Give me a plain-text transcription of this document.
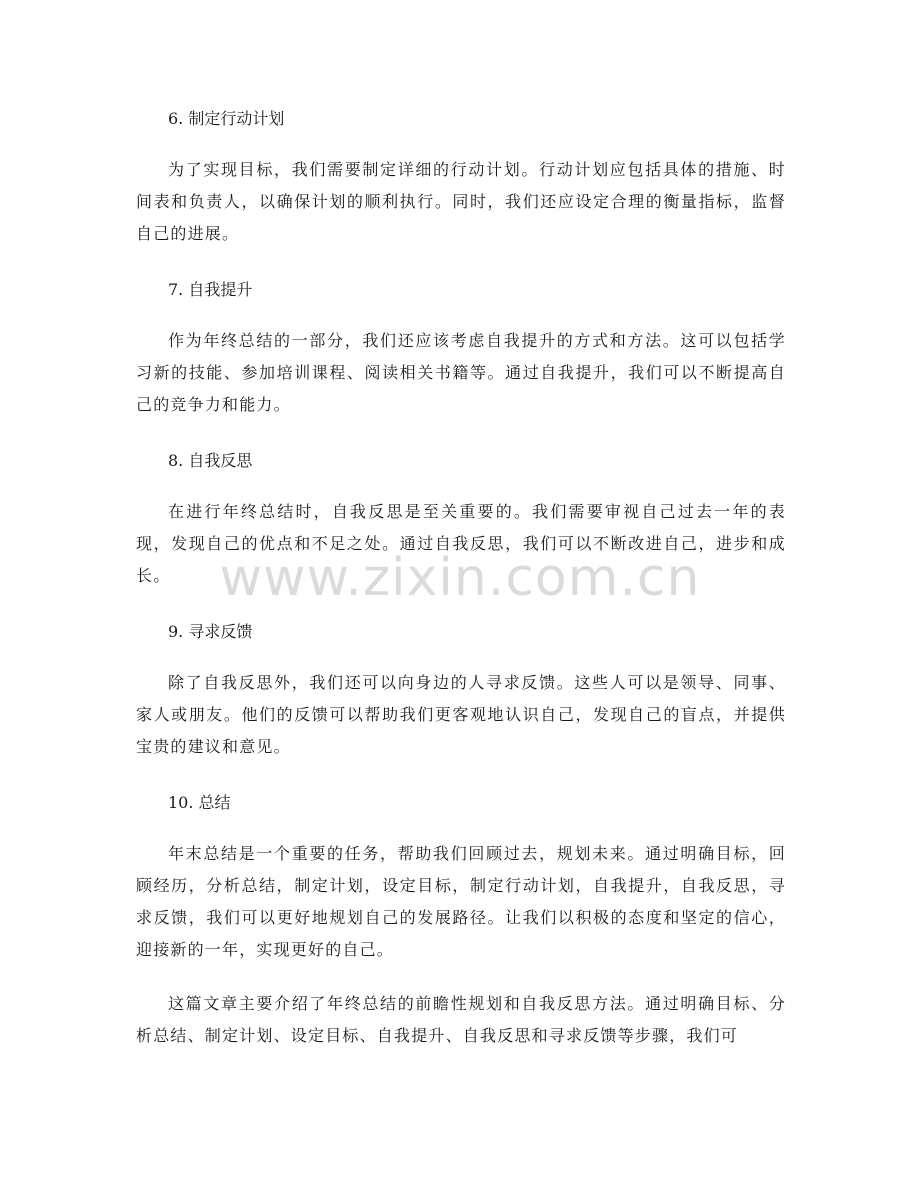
6. 制定行动计划

为了实现目标，我们需要制定详细的行动计划。行动计划应包括具体的措施、时间表和负责人，以确保计划的顺利执行。同时，我们还应设定合理的衡量指标，监督自己的进展。

7. 自我提升

作为年终总结的一部分，我们还应该考虑自我提升的方式和方法。这可以包括学习新的技能、参加培训课程、阅读相关书籍等。通过自我提升，我们可以不断提高自己的竞争力和能力。

8. 自我反思

在进行年终总结时，自我反思是至关重要的。我们需要审视自己过去一年的表现，发现自己的优点和不足之处。通过自我反思，我们可以不断改进自己，进步和成长。

9. 寻求反馈

除了自我反思外，我们还可以向身边的人寻求反馈。这些人可以是领导、同事、家人或朋友。他们的反馈可以帮助我们更客观地认识自己，发现自己的盲点，并提供宝贵的建议和意见。

10. 总结

年末总结是一个重要的任务，帮助我们回顾过去，规划未来。通过明确目标，回顾经历，分析总结，制定计划，设定目标，制定行动计划，自我提升，自我反思，寻求反馈，我们可以更好地规划自己的发展路径。让我们以积极的态度和坚定的信心，迎接新的一年，实现更好的自己。

这篇文章主要介绍了年终总结的前瞻性规划和自我反思方法。通过明确目标、分析总结、制定计划、设定目标、自我提升、自我反思和寻求反馈等步骤，我们可

www.zixin.com.cn
